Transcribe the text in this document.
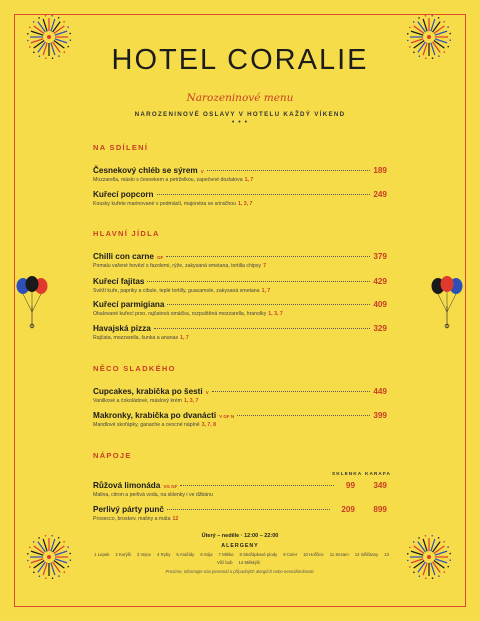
HOTEL CORALIE
Narozeninové menu
NAROZENINOVÉ OSLAVY V HOTELU KAŽDÝ VÍKEND
• • •
NA SDÍLENÍ
Česnekový chléb se sýrem V	189
Mozzarella, máslo s česnekem a petrželkou, zapečené dozlatova 1, 7
Kuřecí popcorn	249
Kousky kuřete marinované v podmáslí, majonéza se sriračhou 1, 3, 7
HLAVNÍ JÍDLA
Chilli con carne GF	379
Pomalu vařené hovězí s fazolemi, rýže, zakysaná smetana, tortilla chipsy 7
Kuřecí fajitas	429
Svěží kuře, papriky a cibule, teplé tortilly, guacamole, zakysaná smetana 1, 7
Kuřecí parmigiana	409
Obalované kuřecí prso, rajčatová omáčka, rozpuštěná mozzarella, hranolky 1, 3, 7
Havajská pizza	329
Rajčata, mozzarella, šunka a ananas 1, 7
NĚCO SLADKÉHO
Cupcakes, krabička po šesti V	449
Vanilkové a čokoládové, máslový krém 1, 3, 7
Makronky, krabička po dvanácti V GF N	399
Mandlové skořápky, ganache a ovocné náplně 3, 7, 8
NÁPOJE
SKLENKA KARAFA
Růžová limonáda VG GF	99	349
Malina, citron a perlivá voda, na sklenky i ve džbánu
Perlivý párty punč	209	899
Prosecco, broskev, maliny a máta 12
Úterý – neděle · 12:00 – 22:00
ALERGENY
1 Lepek 2 Korýši 3 Vejce 4 Ryby 5 Arašídy 6 Sója 7 Mléko 8 Skořápkové plody 9 Celer 10 Hořčice 11 Sezam 12 Siřičitany 13 Vlčí bob 14 Měkkýši
Prosíme, informujte nás personál o případných alergiích nebo nesnášenlivosti.
